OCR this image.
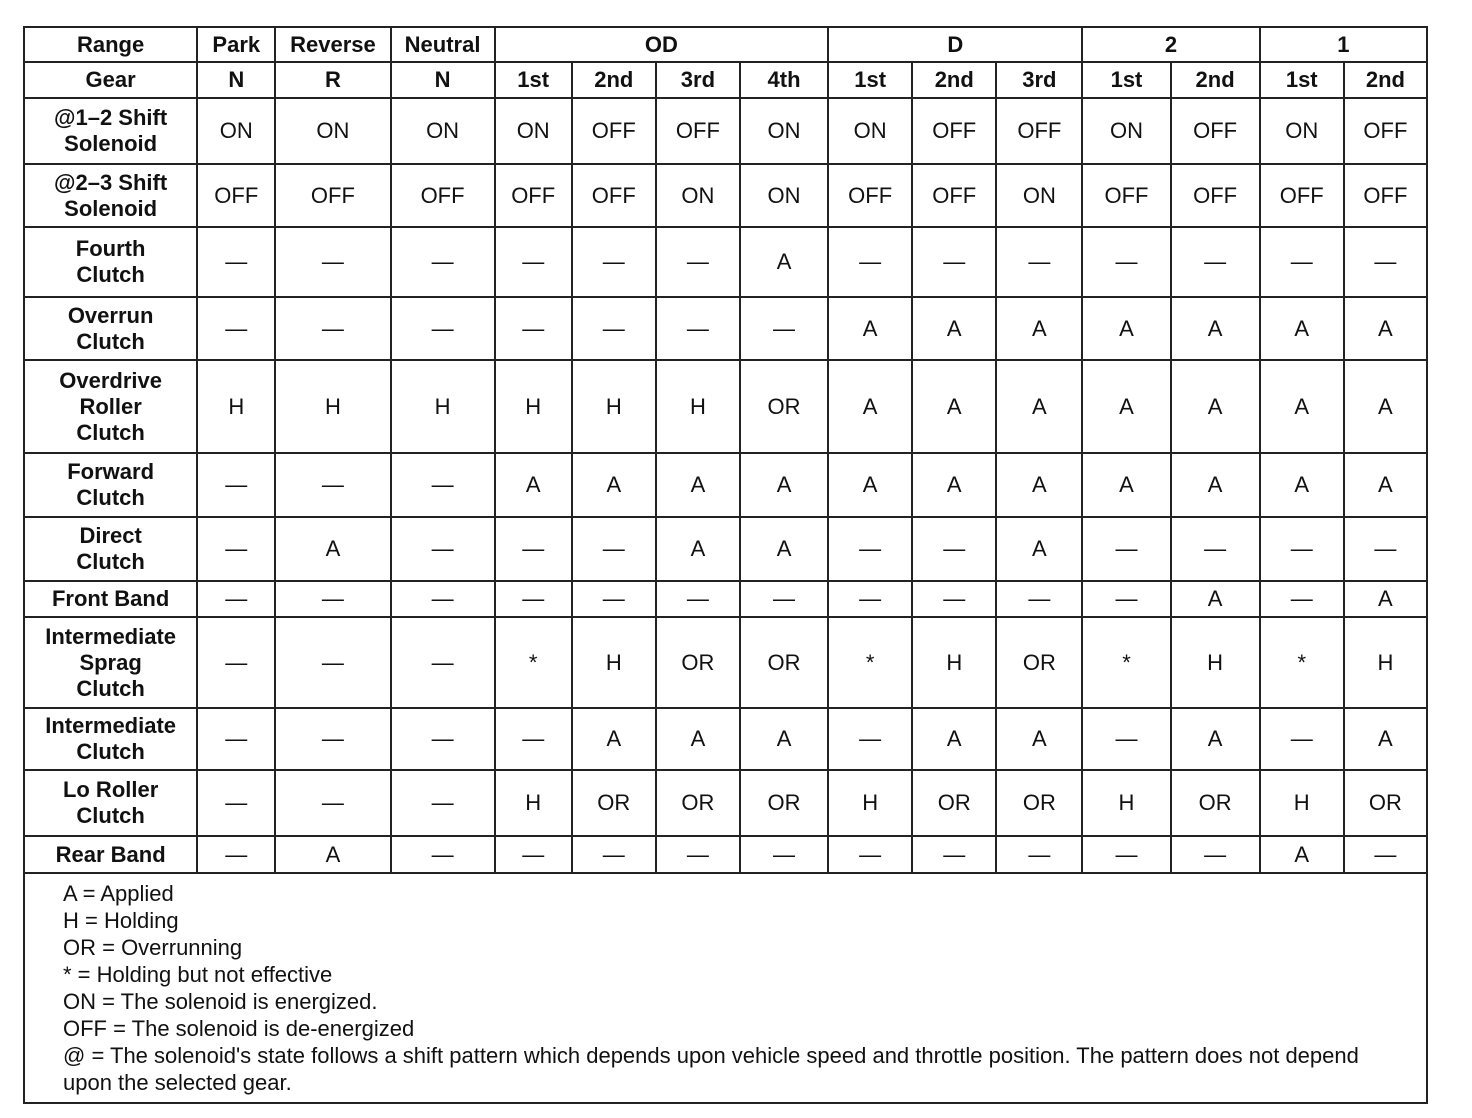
Range	Park	Reverse	Neutral	OD				D			2		1	
Gear	N	R	N	1st	2nd	3rd	4th	1st	2nd	3rd	1st	2nd	1st	2nd

@1–2 Shift
Solenoid	ON	ON	ON	ON	OFF	OFF	ON	ON	OFF	OFF	ON	OFF	ON	OFF

@2–3 Shift
Solenoid	OFF	OFF	OFF	OFF	OFF	ON	ON	OFF	OFF	ON	OFF	OFF	OFF	OFF

Fourth
Clutch	—	—	—	—	—	—	A	—	—	—	—	—	—	—

Overrun
Clutch	—	—	—	—	—	—	—	A	A	A	A	A	A	A

Overdrive
Roller
Clutch	H	H	H	H	H	H	OR	A	A	A	A	A	A	A

Forward
Clutch	—	—	—	A	A	A	A	A	A	A	A	A	A	A

Direct
Clutch	—	A	—	—	—	A	A	—	—	A	—	—	—	—

Front Band	—	—	—	—	—	—	—	—	—	—	—	A	—	A

Intermediate
Sprag
Clutch	—	—	—	*	H	OR	OR	*	H	OR	*	H	*	H

Intermediate
Clutch	—	—	—	—	A	A	A	—	A	A	—	A	—	A

Lo Roller
Clutch	—	—	—	H	OR	OR	OR	H	OR	OR	H	OR	H	OR

Rear Band	—	A	—	—	—	—	—	—	—	—	—	—	A	—
A = Applied
H = Holding
OR = Overrunning
* = Holding but not effective
ON = The solenoid is energized.
OFF = The solenoid is de-energized
@ = The solenoid's state follows a shift pattern which depends upon vehicle speed and throttle position. The pattern does not depend upon the selected gear.
